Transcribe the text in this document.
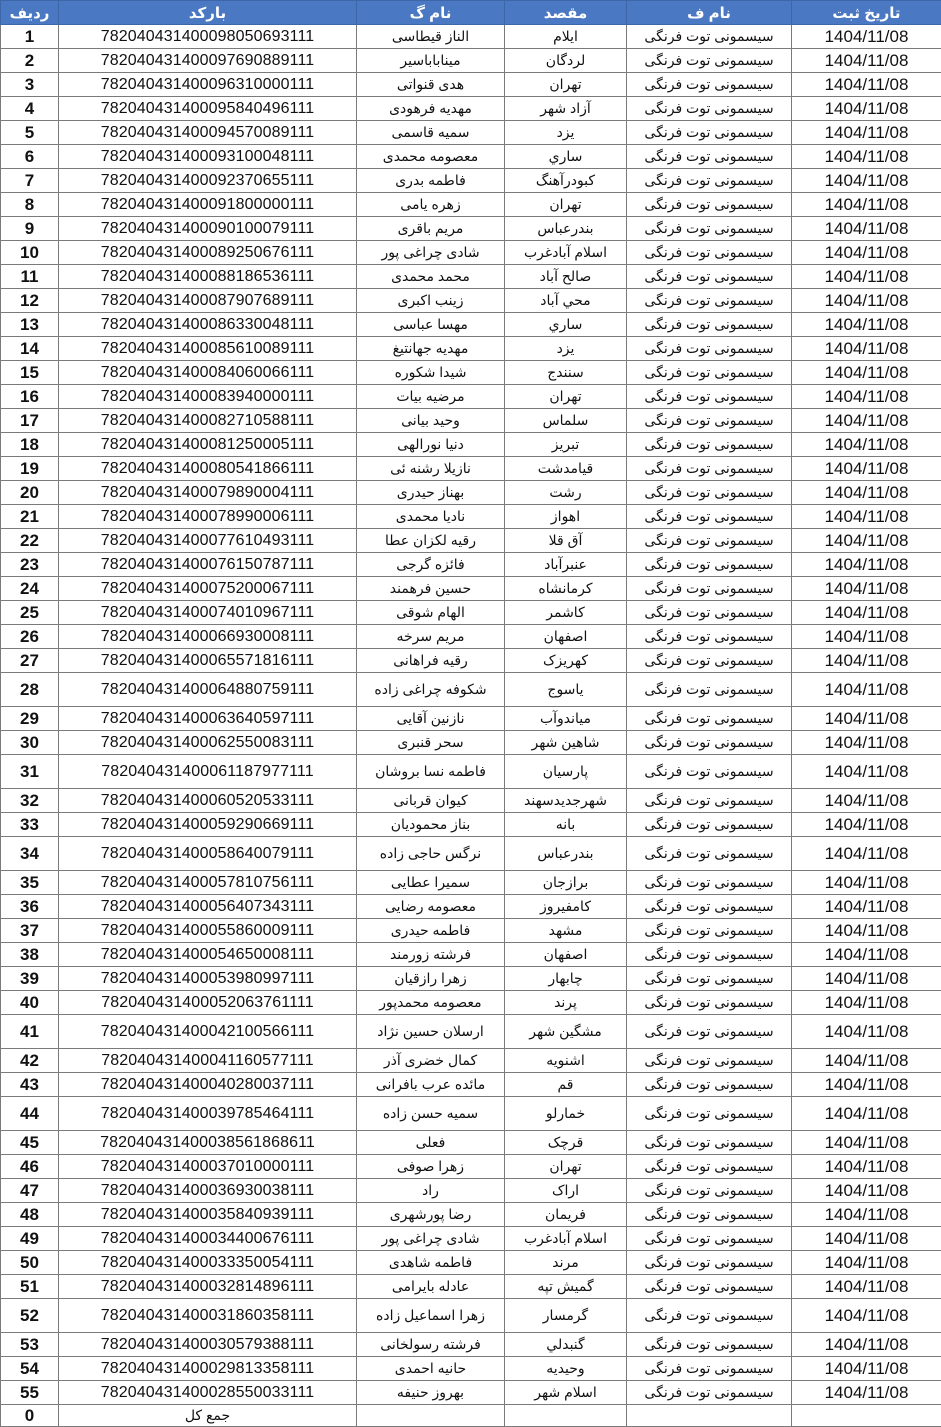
ردیف	بارکد	نام گ	مقصد	نام ف	تاریخ ثبت
1	782040431400098050693111	الناز قیطاسی	ایلام	سیسمونی توت فرنگی	1404/11/08
2	782040431400097690889111	میناباباسیر	لردگان	سیسمونی توت فرنگی	1404/11/08
3	782040431400096310000111	هدی قنواتی	تهران	سیسمونی توت فرنگی	1404/11/08
4	782040431400095840496111	مهدیه فرهودی	آزاد شهر	سیسمونی توت فرنگی	1404/11/08
5	782040431400094570089111	سمیه قاسمی	یزد	سیسمونی توت فرنگی	1404/11/08
6	782040431400093100048111	معصومه محمدی	ساري	سیسمونی توت فرنگی	1404/11/08
7	782040431400092370655111	فاطمه بدری	کبودرآهنگ	سیسمونی توت فرنگی	1404/11/08
8	782040431400091800000111	زهره یامی	تهران	سیسمونی توت فرنگی	1404/11/08
9	782040431400090100079111	مریم باقری	بندرعباس	سیسمونی توت فرنگی	1404/11/08
10	782040431400089250676111	شادی چراغی پور	اسلام آبادغرب	سیسمونی توت فرنگی	1404/11/08
11	782040431400088186536111	محمد محمدی	صالح آباد	سیسمونی توت فرنگی	1404/11/08
12	782040431400087907689111	زینب اکبری	محي آباد	سیسمونی توت فرنگی	1404/11/08
13	782040431400086330048111	مهسا عباسی	ساري	سیسمونی توت فرنگی	1404/11/08
14	782040431400085610089111	مهدیه جهانتیغ	یزد	سیسمونی توت فرنگی	1404/11/08
15	782040431400084060066111	شیدا شکوره	سنندج	سیسمونی توت فرنگی	1404/11/08
16	782040431400083940000111	مرضیه بیات	تهران	سیسمونی توت فرنگی	1404/11/08
17	782040431400082710588111	وحید بیانی	سلماس	سیسمونی توت فرنگی	1404/11/08
18	782040431400081250005111	دنیا نورالهی	تبریز	سیسمونی توت فرنگی	1404/11/08
19	782040431400080541866111	نازیلا رشنه ئی	قیامدشت	سیسمونی توت فرنگی	1404/11/08
20	782040431400079890004111	بهناز حیدری	رشت	سیسمونی توت فرنگی	1404/11/08
21	782040431400078990006111	نادیا محمدی	اهواز	سیسمونی توت فرنگی	1404/11/08
22	782040431400077610493111	رقیه لکزان عطا	آق قلا	سیسمونی توت فرنگی	1404/11/08
23	782040431400076150787111	فائزه گرجی	عنبرآباد	سیسمونی توت فرنگی	1404/11/08
24	782040431400075200067111	حسین فرهمند	کرمانشاه	سیسمونی توت فرنگی	1404/11/08
25	782040431400074010967111	الهام شوقی	کاشمر	سیسمونی توت فرنگی	1404/11/08
26	782040431400066930008111	مریم سرخه	اصفهان	سیسمونی توت فرنگی	1404/11/08
27	782040431400065571816111	رقیه فراهانی	کهریزک	سیسمونی توت فرنگی	1404/11/08
28	782040431400064880759111	شکوفه چراغی زاده	یاسوج	سیسمونی توت فرنگی	1404/11/08
29	782040431400063640597111	نازنین آقایی	میاندوآب	سیسمونی توت فرنگی	1404/11/08
30	782040431400062550083111	سحر قنبری	شاهین شهر	سیسمونی توت فرنگی	1404/11/08
31	782040431400061187977111	فاطمه نسا بروشان	پارسیان	سیسمونی توت فرنگی	1404/11/08
32	782040431400060520533111	کیوان قربانی	شهرجدیدسهند	سیسمونی توت فرنگی	1404/11/08
33	782040431400059290669111	بناز محمودیان	بانه	سیسمونی توت فرنگی	1404/11/08
34	782040431400058640079111	نرگس حاجی زاده	بندرعباس	سیسمونی توت فرنگی	1404/11/08
35	782040431400057810756111	سمیرا عطایی	برازجان	سیسمونی توت فرنگی	1404/11/08
36	782040431400056407343111	معصومه رضایی	کامفیروز	سیسمونی توت فرنگی	1404/11/08
37	782040431400055860009111	فاطمه حیدری	مشهد	سیسمونی توت فرنگی	1404/11/08
38	782040431400054650008111	فرشته زورمند	اصفهان	سیسمونی توت فرنگی	1404/11/08
39	782040431400053980997111	زهرا رازقیان	چابهار	سیسمونی توت فرنگی	1404/11/08
40	782040431400052063761111	معصومه محمدپور	پرند	سیسمونی توت فرنگی	1404/11/08
41	782040431400042100566111	ارسلان حسین نژاد	مشگین شهر	سیسمونی توت فرنگی	1404/11/08
42	782040431400041160577111	کمال خضری آذر	اشنویه	سیسمونی توت فرنگی	1404/11/08
43	782040431400040280037111	مائده عرب بافرانی	قم	سیسمونی توت فرنگی	1404/11/08
44	782040431400039785464111	سمیه حسن زاده	خمارلو	سیسمونی توت فرنگی	1404/11/08
45	782040431400038561868611	فعلی	قرچک	سیسمونی توت فرنگی	1404/11/08
46	782040431400037010000111	زهرا صوفی	تهران	سیسمونی توت فرنگی	1404/11/08
47	782040431400036930038111	راد	اراک	سیسمونی توت فرنگی	1404/11/08
48	782040431400035840939111	رضا پورشهری	فریمان	سیسمونی توت فرنگی	1404/11/08
49	782040431400034400676111	شادی چراغی پور	اسلام آبادغرب	سیسمونی توت فرنگی	1404/11/08
50	782040431400033350054111	فاطمه شاهدی	مرند	سیسمونی توت فرنگی	1404/11/08
51	782040431400032814896111	عادله بایرامی	گمیش تپه	سیسمونی توت فرنگی	1404/11/08
52	782040431400031860358111	زهرا اسماعیل زاده	گرمسار	سیسمونی توت فرنگی	1404/11/08
53	782040431400030579388111	فرشته رسولخانی	گنبدلي	سیسمونی توت فرنگی	1404/11/08
54	782040431400029813358111	حانیه احمدی	وحیدیه	سیسمونی توت فرنگی	1404/11/08
55	782040431400028550033111	بهروز حنیفه	اسلام شهر	سیسمونی توت فرنگی	1404/11/08
0	جمع کل				
